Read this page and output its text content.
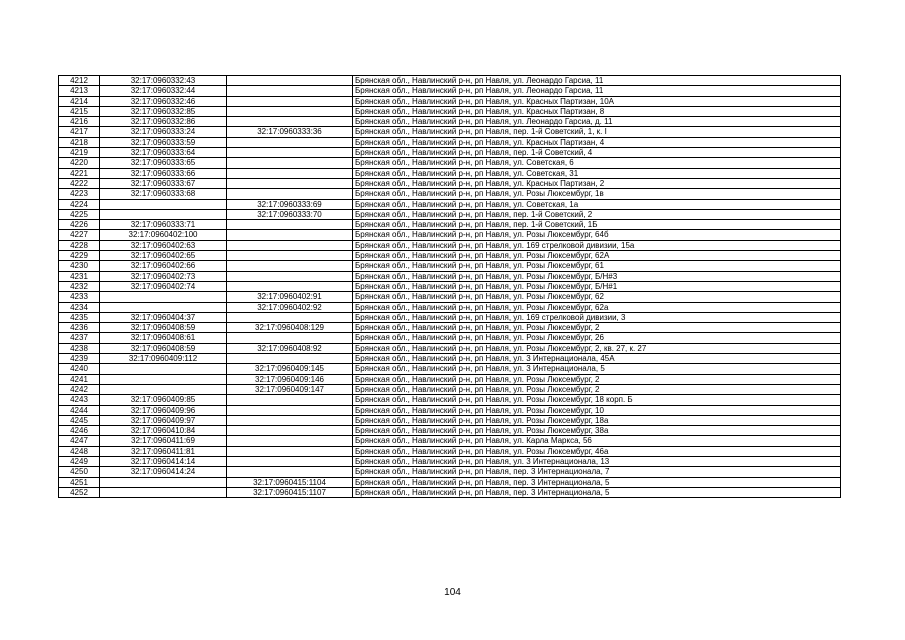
4212	32:17:0960332:43		Брянская обл., Навлинский р-н, рп Навля, ул. Леонардо Гарсиа, 11
4213	32:17:0960332:44		Брянская обл., Навлинский р-н, рп Навля, ул. Леонардо Гарсиа, 11
4214	32:17:0960332:46		Брянская обл., Навлинский р-н, рп Навля, ул. Красных Партизан, 10А
4215	32:17:0960332:85		Брянская обл., Навлинский р-н, рп Навля, ул. Красных Партизан, 8
4216	32:17:0960332:86		Брянская обл., Навлинский р-н, рп Навля, ул. Леонардо Гарсиа, д. 11
4217	32:17:0960333:24	32:17:0960333:36	Брянская обл., Навлинский р-н, рп Навля, пер. 1-й Советский, 1, к. I
4218	32:17:0960333:59		Брянская обл., Навлинский р-н, рп Навля, ул. Красных Партизан, 4
4219	32:17:0960333:64		Брянская обл., Навлинский р-н, рп Навля, пер. 1-й Советский, 4
4220	32:17:0960333:65		Брянская обл., Навлинский р-н, рп Навля, ул. Советская, 6
4221	32:17:0960333:66		Брянская обл., Навлинский р-н, рп Навля, ул. Советская, 31
4222	32:17:0960333:67		Брянская обл., Навлинский р-н, рп Навля, ул. Красных Партизан, 2
4223	32:17:0960333:68		Брянская обл., Навлинский р-н, рп Навля, ул. Розы Люксембург, 1в
4224		32:17:0960333:69	Брянская обл., Навлинский р-н, рп Навля, ул. Советская, 1а
4225		32:17:0960333:70	Брянская обл., Навлинский р-н, рп Навля, пер. 1-й Советский, 2
4226	32:17:0960333:71		Брянская обл., Навлинский р-н, рп Навля, пер. 1-й Советский, 1Б
4227	32:17:0960402:100		Брянская обл., Навлинский р-н, рп Навля, ул. Розы Люксембург, 64б
4228	32:17:0960402:63		Брянская обл., Навлинский р-н, рп Навля, ул. 169 стрелковой дивизии, 15а
4229	32:17:0960402:65		Брянская обл., Навлинский р-н, рп Навля, ул. Розы Люксембург, 62А
4230	32:17:0960402:66		Брянская обл., Навлинский р-н, рп Навля, ул. Розы Люксембург, 61
4231	32:17:0960402:73		Брянская обл., Навлинский р-н, рп Навля, ул. Розы Люксембург, Б/Н#3
4232	32:17:0960402:74		Брянская обл., Навлинский р-н, рп Навля, ул. Розы Люксембург, Б/Н#1
4233		32:17:0960402:91	Брянская обл., Навлинский р-н, рп Навля, ул. Розы Люксембург, 62
4234		32:17:0960402:92	Брянская обл., Навлинский р-н, рп Навля, ул. Розы Люксембург, 62а
4235	32:17:0960404:37		Брянская обл., Навлинский р-н, рп Навля, ул. 169 стрелковой дивизии, 3
4236	32:17:0960408:59	32:17:0960408:129	Брянская обл., Навлинский р-н, рп Навля, ул. Розы Люксембург, 2
4237	32:17:0960408:61		Брянская обл., Навлинский р-н, рп Навля, ул. Розы Люксембург, 26
4238	32:17:0960408:59	32:17:0960408:92	Брянская обл., Навлинский р-н, рп Навля, ул. Розы Люксембург, 2, кв. 27, к. 27
4239	32:17:0960409:112		Брянская обл., Навлинский р-н, рп Навля, ул. 3 Интернационала, 45А
4240		32:17:0960409:145	Брянская обл., Навлинский р-н, рп Навля, ул. 3 Интернационала, 5
4241		32:17:0960409:146	Брянская обл., Навлинский р-н, рп Навля, ул. Розы Люксембург, 2
4242		32:17:0960409:147	Брянская обл., Навлинский р-н, рп Навля, ул. Розы Люксембург, 2
4243	32:17:0960409:85		Брянская обл., Навлинский р-н, рп Навля, ул. Розы Люксембург, 18 корп. Б
4244	32:17:0960409:96		Брянская обл., Навлинский р-н, рп Навля, ул. Розы Люксембург, 10
4245	32:17:0960409:97		Брянская обл., Навлинский р-н, рп Навля, ул. Розы Люксембург, 18а
4246	32:17:0960410:84		Брянская обл., Навлинский р-н, рп Навля, ул. Розы Люксембург, 38а
4247	32:17:0960411:69		Брянская обл., Навлинский р-н, рп Навля, ул. Карла Маркса, 56
4248	32:17:0960411:81		Брянская обл., Навлинский р-н, рп Навля, ул. Розы Люксембург, 46а
4249	32:17:0960414:14		Брянская обл., Навлинский р-н, рп Навля, ул. 3 Интернационала, 13
4250	32:17:0960414:24		Брянская обл., Навлинский р-н, рп Навля, пер. 3 Интернационала, 7
4251		32:17:0960415:1104	Брянская обл., Навлинский р-н, рп Навля, пер. 3 Интернационала, 5
4252		32:17:0960415:1107	Брянская обл., Навлинский р-н, рп Навля, пер. 3 Интернационала, 5
104
